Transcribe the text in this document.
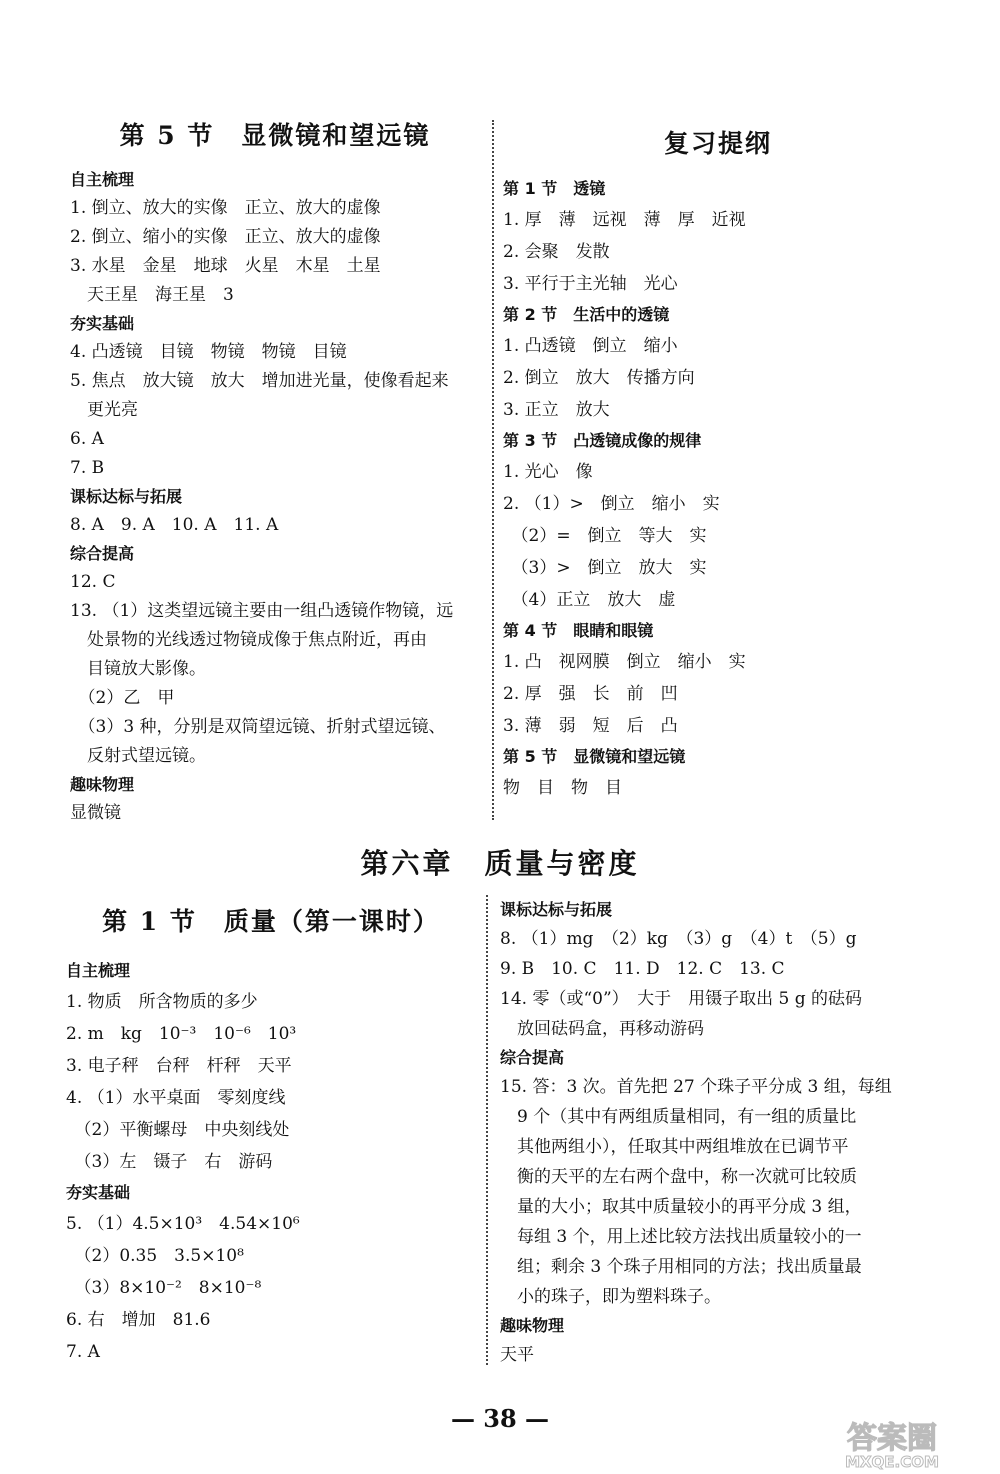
第 5 节　显微镜和望远镜
自主梳理
1. 倒立、放大的实像　正立、放大的虚像
2. 倒立、缩小的实像　正立、放大的虚像
3. 水星　金星　地球　火星　木星　土星
　天王星　海王星　3
夯实基础
4. 凸透镜　目镜　物镜　物镜　目镜
5. 焦点　放大镜　放大　增加进光量，使像看起来
　更光亮
6. A
7. B
课标达标与拓展
8. A　9. A　10. A　11. A
综合提高
12. C
13. （1）这类望远镜主要由一组凸透镜作物镜，远
　处景物的光线透过物镜成像于焦点附近，再由
　目镜放大影像。
　（2）乙　甲
　（3）3 种，分别是双筒望远镜、折射式望远镜、
　反射式望远镜。
趣味物理
显微镜
复习提纲
第 1 节　透镜
1. 厚　薄　远视　薄　厚　近视
2. 会聚　发散
3. 平行于主光轴　光心
第 2 节　生活中的透镜
1. 凸透镜　倒立　缩小
2. 倒立　放大　传播方向
3. 正立　放大
第 3 节　凸透镜成像的规律
1. 光心　像
2. （1）>　倒立　缩小　实
　（2）=　倒立　等大　实
　（3）>　倒立　放大　实
　（4）正立　放大　虚
第 4 节　眼睛和眼镜
1. 凸　视网膜　倒立　缩小　实
2. 厚　强　长　前　凹
3. 薄　弱　短　后　凸
第 5 节　显微镜和望远镜
物　目　物　目
第六章　质量与密度
第 1 节　质量（第一课时）
自主梳理
1. 物质　所含物质的多少
2. m　kg　10⁻³　10⁻⁶　10³
3. 电子秤　台秤　杆秤　天平
4. （1）水平桌面　零刻度线
　（2）平衡螺母　中央刻线处
　（3）左　镊子　右　游码
夯实基础
5. （1）4.5×10³　4.54×10⁶
　（2）0.35　3.5×10⁸
　（3）8×10⁻²　8×10⁻⁸
6. 右　增加　81.6
7. A
课标达标与拓展
8. （1）mg　（2）kg　（3）g　（4）t　（5）g
9. B　10. C　11. D　12. C　13. C
14. 零（或“0”）　大于　用镊子取出 5 g 的砝码
　放回砝码盒，再移动游码
综合提高
15. 答：3 次。首先把 27 个珠子平分成 3 组，每组
　9 个（其中有两组质量相同，有一组的质量比
　其他两组小），任取其中两组堆放在已调节平
　衡的天平的左右两个盘中，称一次就可比较质
　量的大小；取其中质量较小的再平分成 3 组，
　每组 3 个，用上述比较方法找出质量较小的一
　组；剩余 3 个珠子用相同的方法；找出质量最
　小的珠子，即为塑料珠子。
趣味物理
天平
— 38 —
答案圈
MXQE.COM
